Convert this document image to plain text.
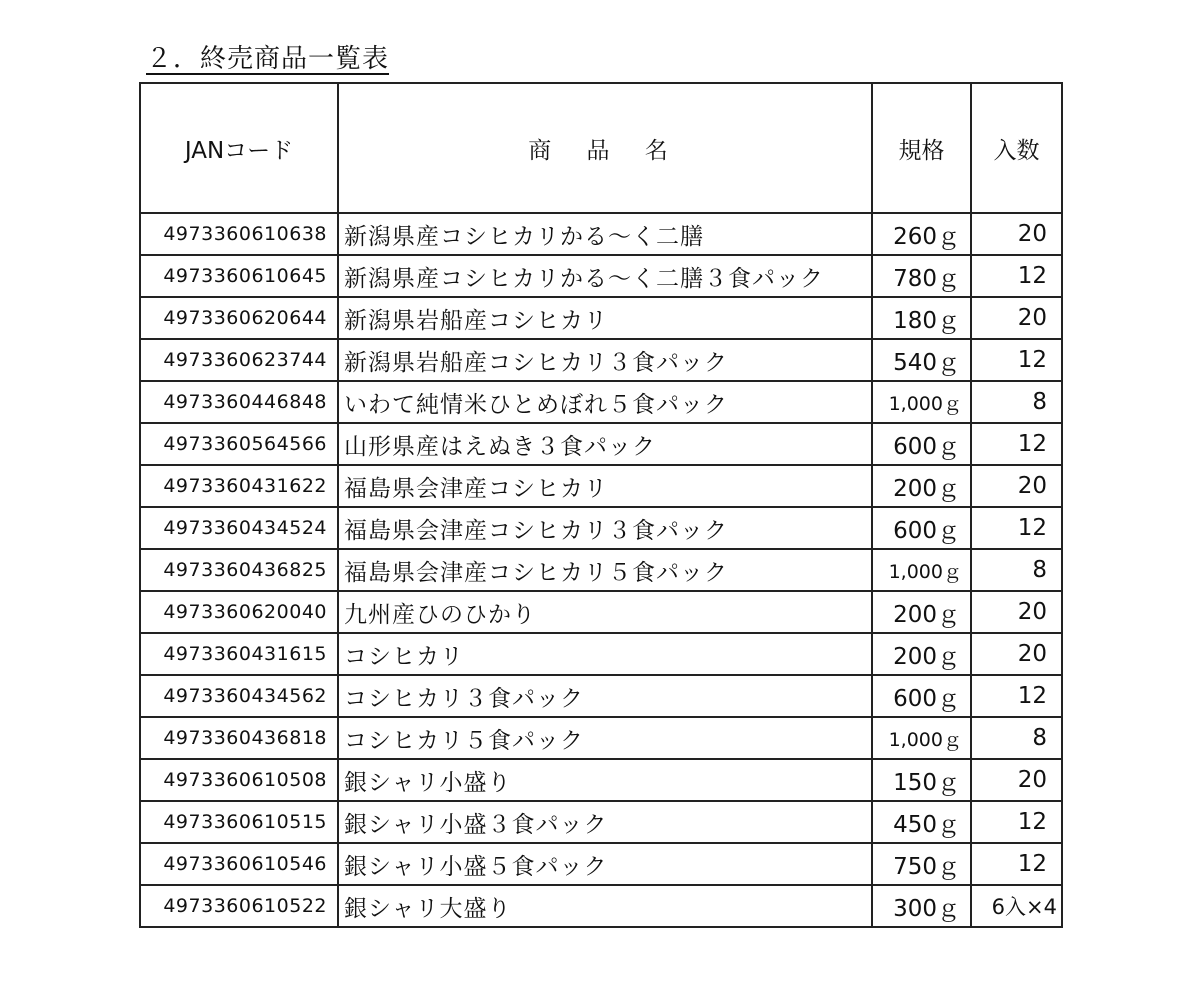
２．終売商品一覧表
JANコード	商 品 名	規格	入数
4973360610638	新潟県産コシヒカリかる〜く二膳	260ｇ	20
4973360610645	新潟県産コシヒカリかる〜く二膳３食パック	780ｇ	12
4973360620644	新潟県岩船産コシヒカリ	180ｇ	20
4973360623744	新潟県岩船産コシヒカリ３食パック	540ｇ	12
4973360446848	いわて純情米ひとめぼれ５食パック	1,000ｇ	8
4973360564566	山形県産はえぬき３食パック	600ｇ	12
4973360431622	福島県会津産コシヒカリ	200ｇ	20
4973360434524	福島県会津産コシヒカリ３食パック	600ｇ	12
4973360436825	福島県会津産コシヒカリ５食パック	1,000ｇ	8
4973360620040	九州産ひのひかり	200ｇ	20
4973360431615	コシヒカリ	200ｇ	20
4973360434562	コシヒカリ３食パック	600ｇ	12
4973360436818	コシヒカリ５食パック	1,000ｇ	8
4973360610508	銀シャリ小盛り	150ｇ	20
4973360610515	銀シャリ小盛３食パック	450ｇ	12
4973360610546	銀シャリ小盛５食パック	750ｇ	12
4973360610522	銀シャリ大盛り	300ｇ	6入×4
